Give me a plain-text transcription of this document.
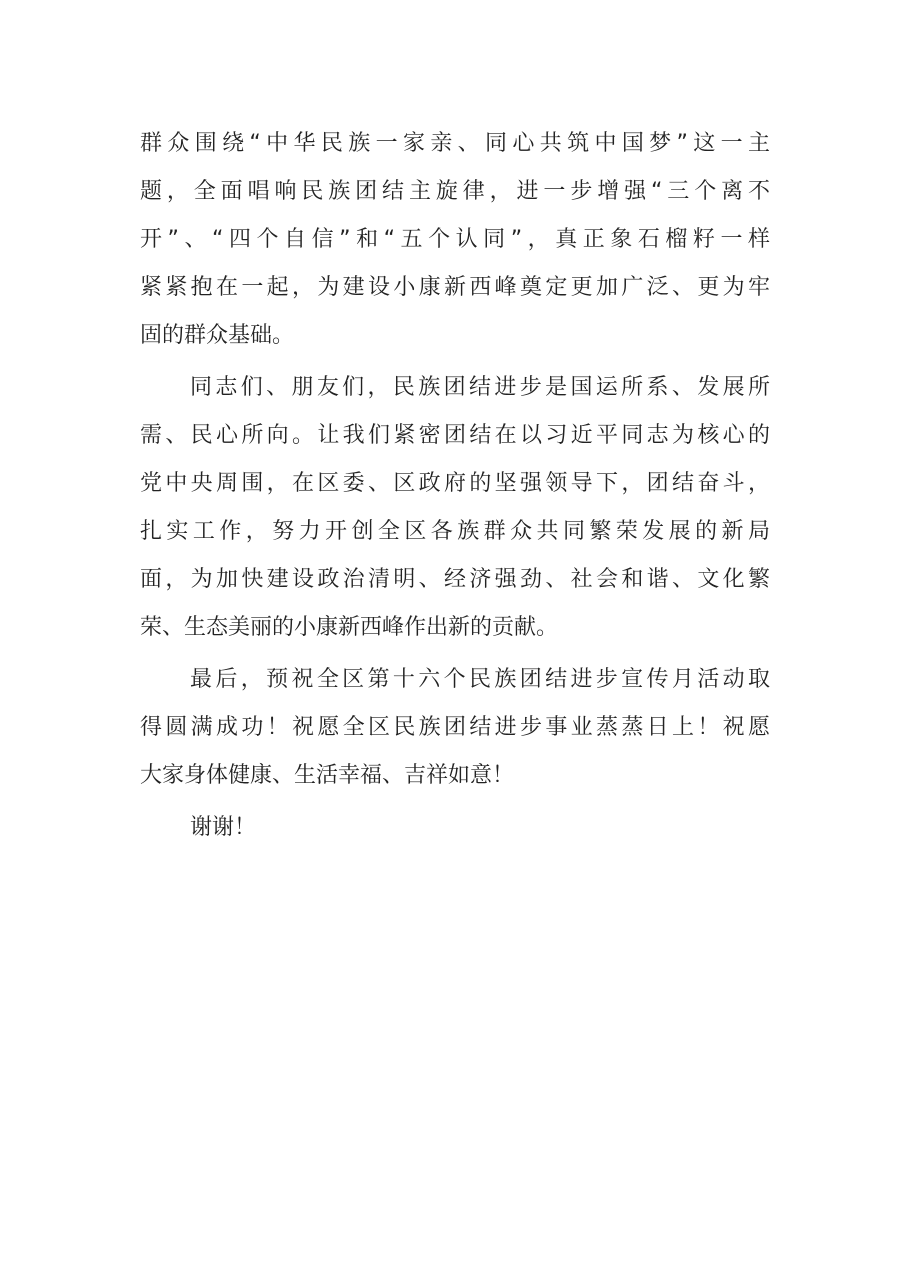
群众围绕“中华民族一家亲、同心共筑中国梦”这一主
题，全面唱响民族团结主旋律，进一步增强“三个离不
开”、“四个自信”和“五个认同”，真正象石榴籽一样
紧紧抱在一起，为建设小康新西峰奠定更加广泛、更为牢
固的群众基础。
同志们、朋友们，民族团结进步是国运所系、发展所
需、民心所向。让我们紧密团结在以习近平同志为核心的
党中央周围，在区委、区政府的坚强领导下，团结奋斗，
扎实工作，努力开创全区各族群众共同繁荣发展的新局
面，为加快建设政治清明、经济强劲、社会和谐、文化繁
荣、生态美丽的小康新西峰作出新的贡献。
最后，预祝全区第十六个民族团结进步宣传月活动取
得圆满成功！祝愿全区民族团结进步事业蒸蒸日上！祝愿
大家身体健康、生活幸福、吉祥如意！
谢谢！
